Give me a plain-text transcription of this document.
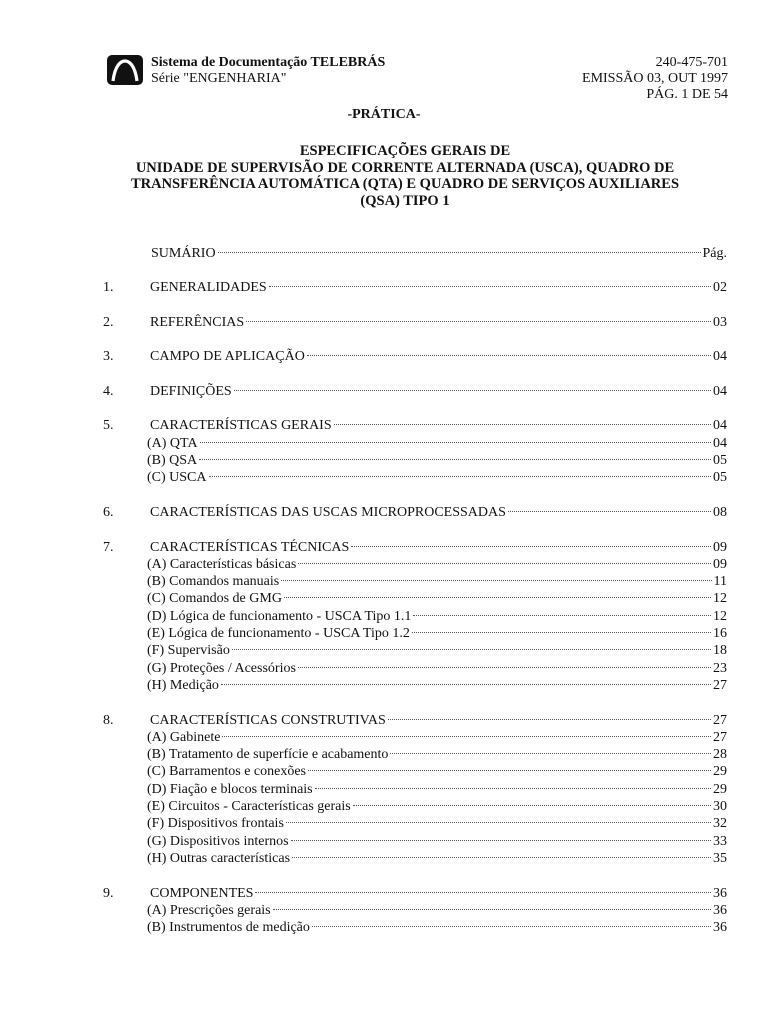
Sistema de Documentação TELEBRÁS
Série "ENGENHARIA"
240-475-701
EMISSÃO 03, OUT 1997
PÁG. 1 DE 54
-PRÁTICA-
ESPECIFICAÇÕES GERAIS DE
UNIDADE DE SUPERVISÃO DE CORRENTE ALTERNADA (USCA), QUADRO DE
TRANSFERÊNCIA AUTOMÁTICA (QTA) E QUADRO DE SERVIÇOS AUXILIARES
(QSA) TIPO 1
SUMÁRIO	Pág.
1.	GENERALIDADES	02
2.	REFERÊNCIAS	03
3.	CAMPO DE APLICAÇÃO	04
4.	DEFINIÇÕES	04
5.	CARACTERÍSTICAS GERAIS	04
(A) QTA	04
(B) QSA	05
(C) USCA	05
6.	CARACTERÍSTICAS DAS USCAS MICROPROCESSADAS	08
7.	CARACTERÍSTICAS TÉCNICAS	09
(A) Características básicas	09
(B) Comandos manuais	11
(C) Comandos de GMG	12
(D) Lógica de funcionamento - USCA Tipo 1.1	12
(E) Lógica de funcionamento - USCA Tipo 1.2	16
(F) Supervisão	18
(G) Proteções / Acessórios	23
(H) Medição	27
8.	CARACTERÍSTICAS CONSTRUTIVAS	27
(A) Gabinete	27
(B) Tratamento de superfície e acabamento	28
(C) Barramentos e conexões	29
(D) Fiação e blocos terminais	29
(E) Circuitos - Características gerais	30
(F) Dispositivos frontais	32
(G) Dispositivos internos	33
(H) Outras características	35
9.	COMPONENTES	36
(A) Prescrições gerais	36
(B) Instrumentos de medição	36
